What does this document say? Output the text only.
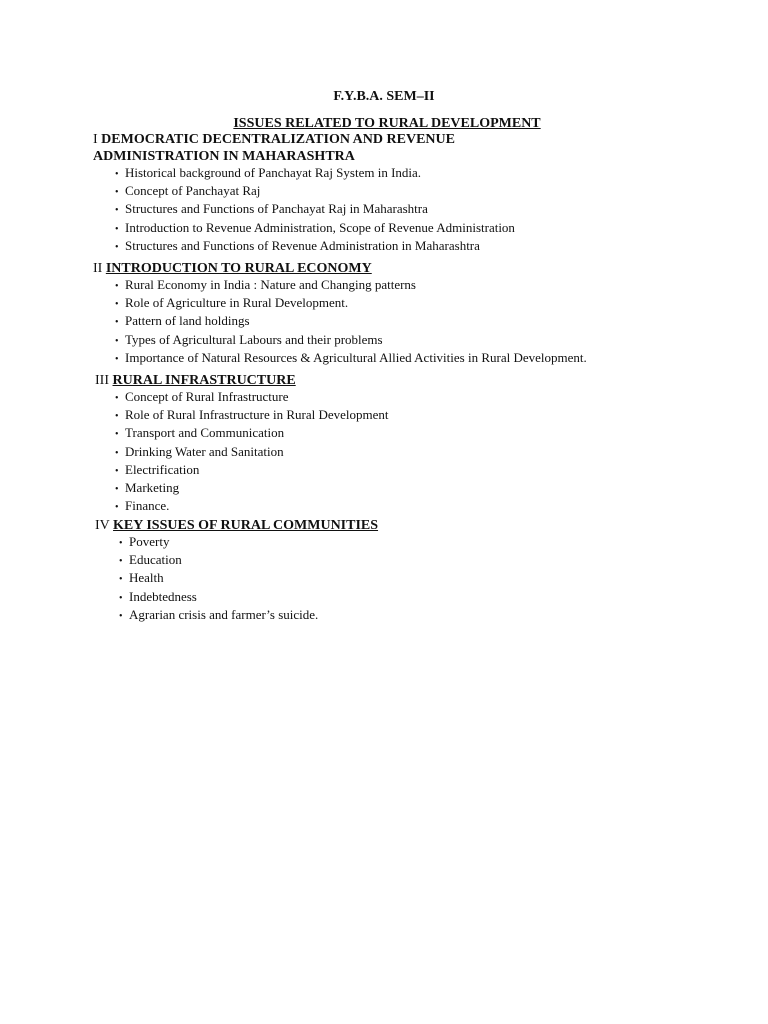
F.Y.B.A. SEM–II
ISSUES RELATED TO RURAL DEVELOPMENT
I DEMOCRATIC DECENTRALIZATION AND REVENUE
ADMINISTRATION IN MAHARASHTRA
• Historical background of Panchayat Raj System in India.
• Concept of Panchayat Raj
• Structures and Functions of Panchayat Raj in Maharashtra
• Introduction to Revenue Administration, Scope of Revenue Administration
• Structures and Functions of Revenue Administration in Maharashtra
II INTRODUCTION TO RURAL ECONOMY
• Rural Economy in India : Nature and Changing patterns
• Role of Agriculture in Rural Development.
• Pattern of land holdings
• Types of Agricultural Labours and their problems
• Importance of Natural Resources & Agricultural Allied Activities in Rural Development.
III RURAL INFRASTRUCTURE
• Concept of Rural Infrastructure
• Role of Rural Infrastructure in Rural Development
• Transport and Communication
• Drinking Water and Sanitation
• Electrification
• Marketing
• Finance.
IV KEY ISSUES OF RURAL COMMUNITIES
• Poverty
• Education
• Health
• Indebtedness
• Agrarian crisis and farmer’s suicide.
